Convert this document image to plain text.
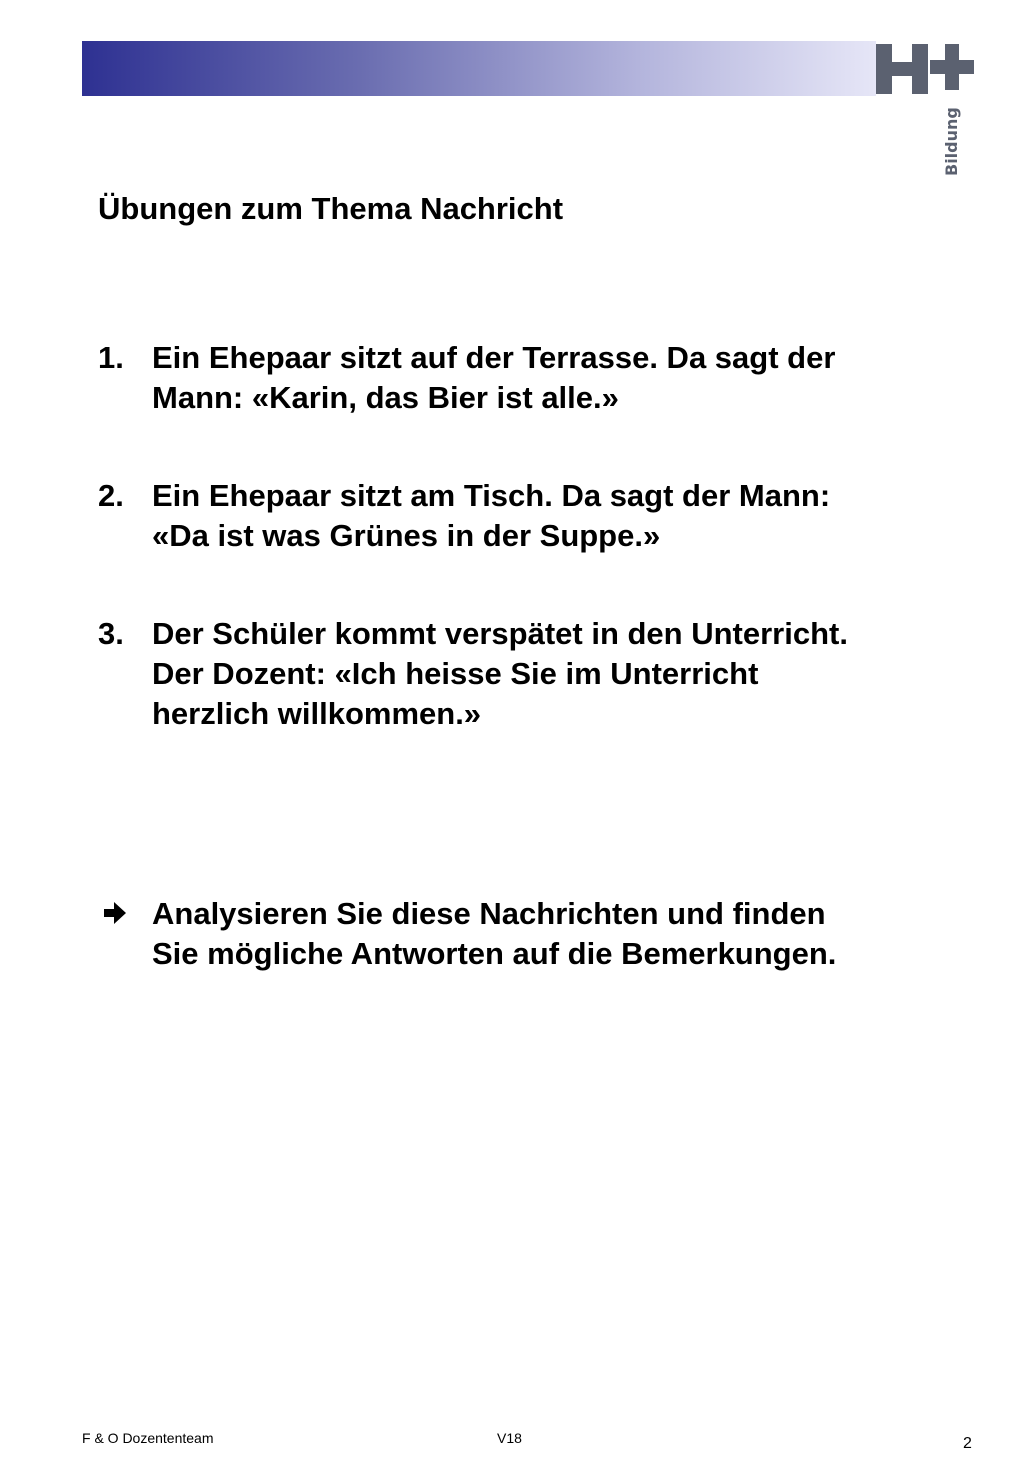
Bildung
Übungen zum Thema Nachricht
1. Ein Ehepaar sitzt auf der Terrasse. Da sagt der
Mann: «Karin, das Bier ist alle.»
2. Ein Ehepaar sitzt am Tisch. Da sagt der Mann:
«Da ist was Grünes in der Suppe.»
3. Der Schüler kommt verspätet in den Unterricht.
Der Dozent: «Ich heisse Sie im Unterricht
herzlich willkommen.»
Analysieren Sie diese Nachrichten und finden
Sie mögliche Antworten auf die Bemerkungen.
F & O Dozententeam	V18	2
